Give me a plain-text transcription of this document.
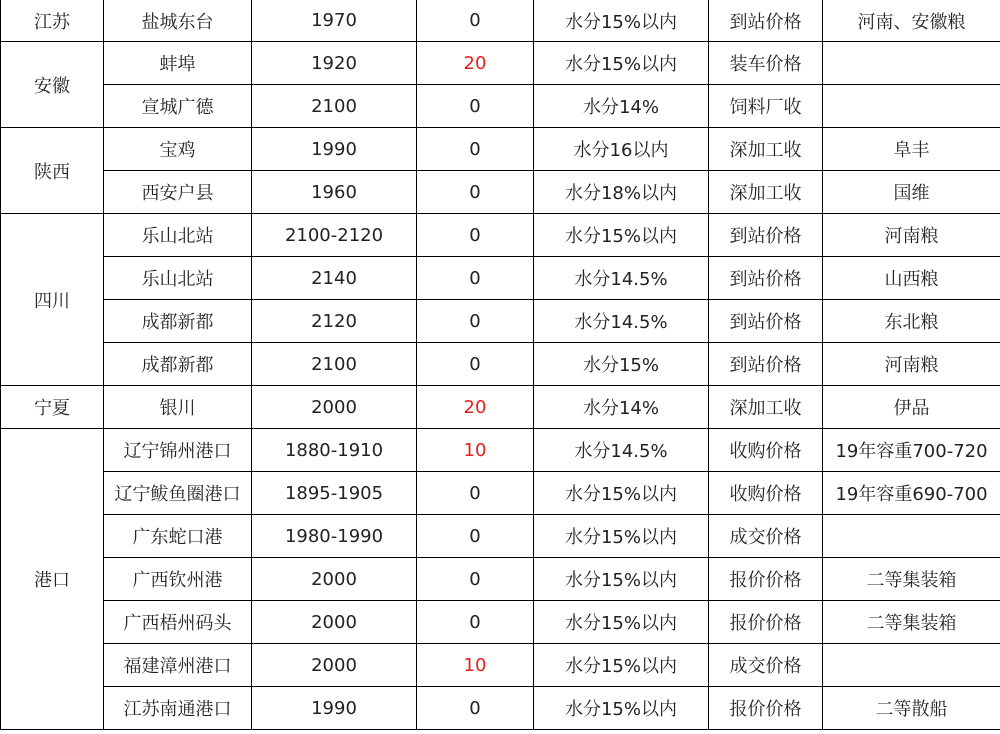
江苏	盐城东台	1970	0	水分15%以内	到站价格	河南、安徽粮
安徽	蚌埠	1920	20	水分15%以内	装车价格	
	宣城广德	2100	0	水分14%	饲料厂收	
陕西	宝鸡	1990	0	水分16以内	深加工收	阜丰
	西安户县	1960	0	水分18%以内	深加工收	国维
四川	乐山北站	2100-2120	0	水分15%以内	到站价格	河南粮
	乐山北站	2140	0	水分14.5%	到站价格	山西粮
	成都新都	2120	0	水分14.5%	到站价格	东北粮
	成都新都	2100	0	水分15%	到站价格	河南粮
宁夏	银川	2000	20	水分14%	深加工收	伊品
港口	辽宁锦州港口	1880-1910	10	水分14.5%	收购价格	19年容重700-720
	辽宁鲅鱼圈港口	1895-1905	0	水分15%以内	收购价格	19年容重690-700
	广东蛇口港	1980-1990	0	水分15%以内	成交价格	
	广西钦州港	2000	0	水分15%以内	报价价格	二等集装箱
	广西梧州码头	2000	0	水分15%以内	报价价格	二等集装箱
	福建漳州港口	2000	10	水分15%以内	成交价格	
	江苏南通港口	1990	0	水分15%以内	报价价格	二等散船
